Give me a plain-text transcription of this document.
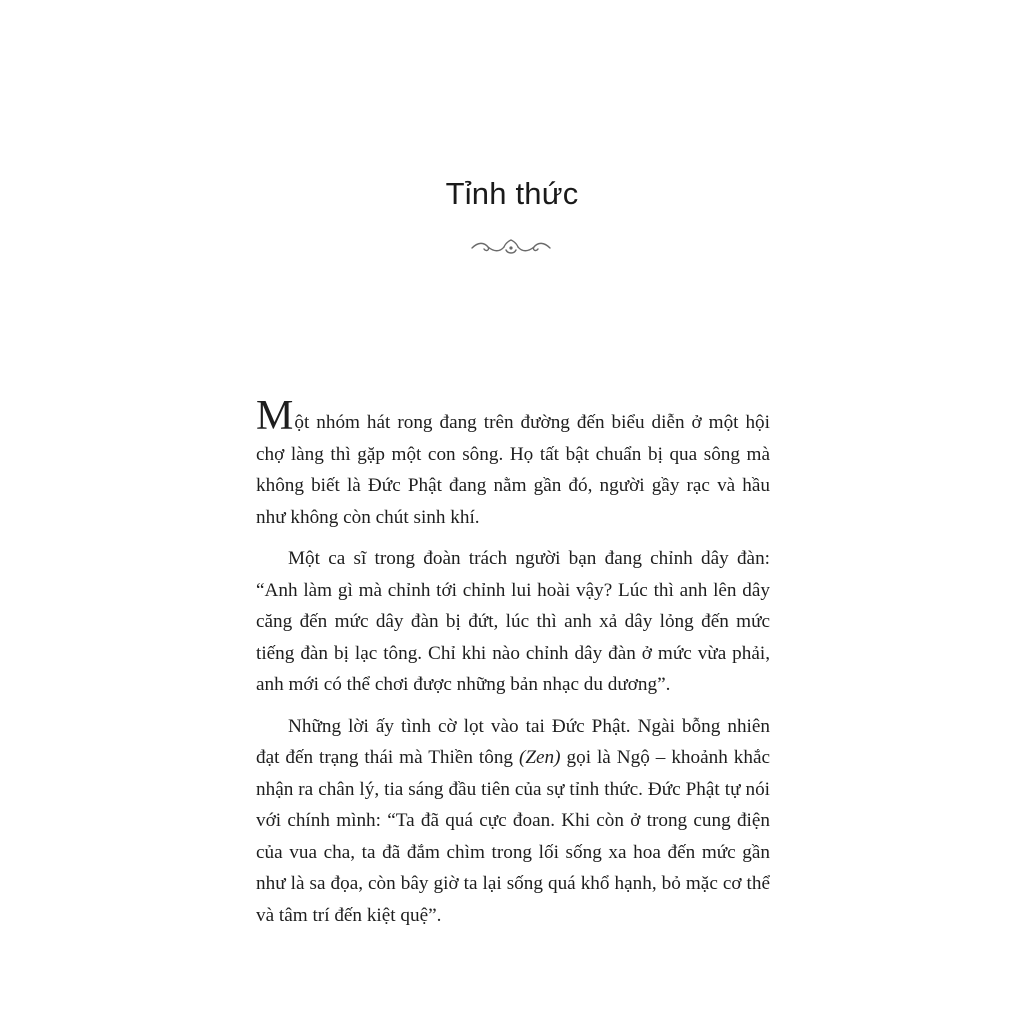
Tỉnh thức

Một nhóm hát rong đang trên đường đến biểu diễn ở một hội chợ làng thì gặp một con sông. Họ tất bật chuẩn bị qua sông mà không biết là Đức Phật đang nằm gần đó, người gầy rạc và hầu như không còn chút sinh khí.

Một ca sĩ trong đoàn trách người bạn đang chỉnh dây đàn: “Anh làm gì mà chỉnh tới chỉnh lui hoài vậy? Lúc thì anh lên dây căng đến mức dây đàn bị đứt, lúc thì anh xả dây lỏng đến mức tiếng đàn bị lạc tông. Chỉ khi nào chỉnh dây đàn ở mức vừa phải, anh mới có thể chơi được những bản nhạc du dương”.

Những lời ấy tình cờ lọt vào tai Đức Phật. Ngài bỗng nhiên đạt đến trạng thái mà Thiền tông (Zen) gọi là Ngộ – khoảnh khắc nhận ra chân lý, tia sáng đầu tiên của sự tỉnh thức. Đức Phật tự nói với chính mình: “Ta đã quá cực đoan. Khi còn ở trong cung điện của vua cha, ta đã đắm chìm trong lối sống xa hoa đến mức gần như là sa đọa, còn bây giờ ta lại sống quá khổ hạnh, bỏ mặc cơ thể và tâm trí đến kiệt quệ”.
